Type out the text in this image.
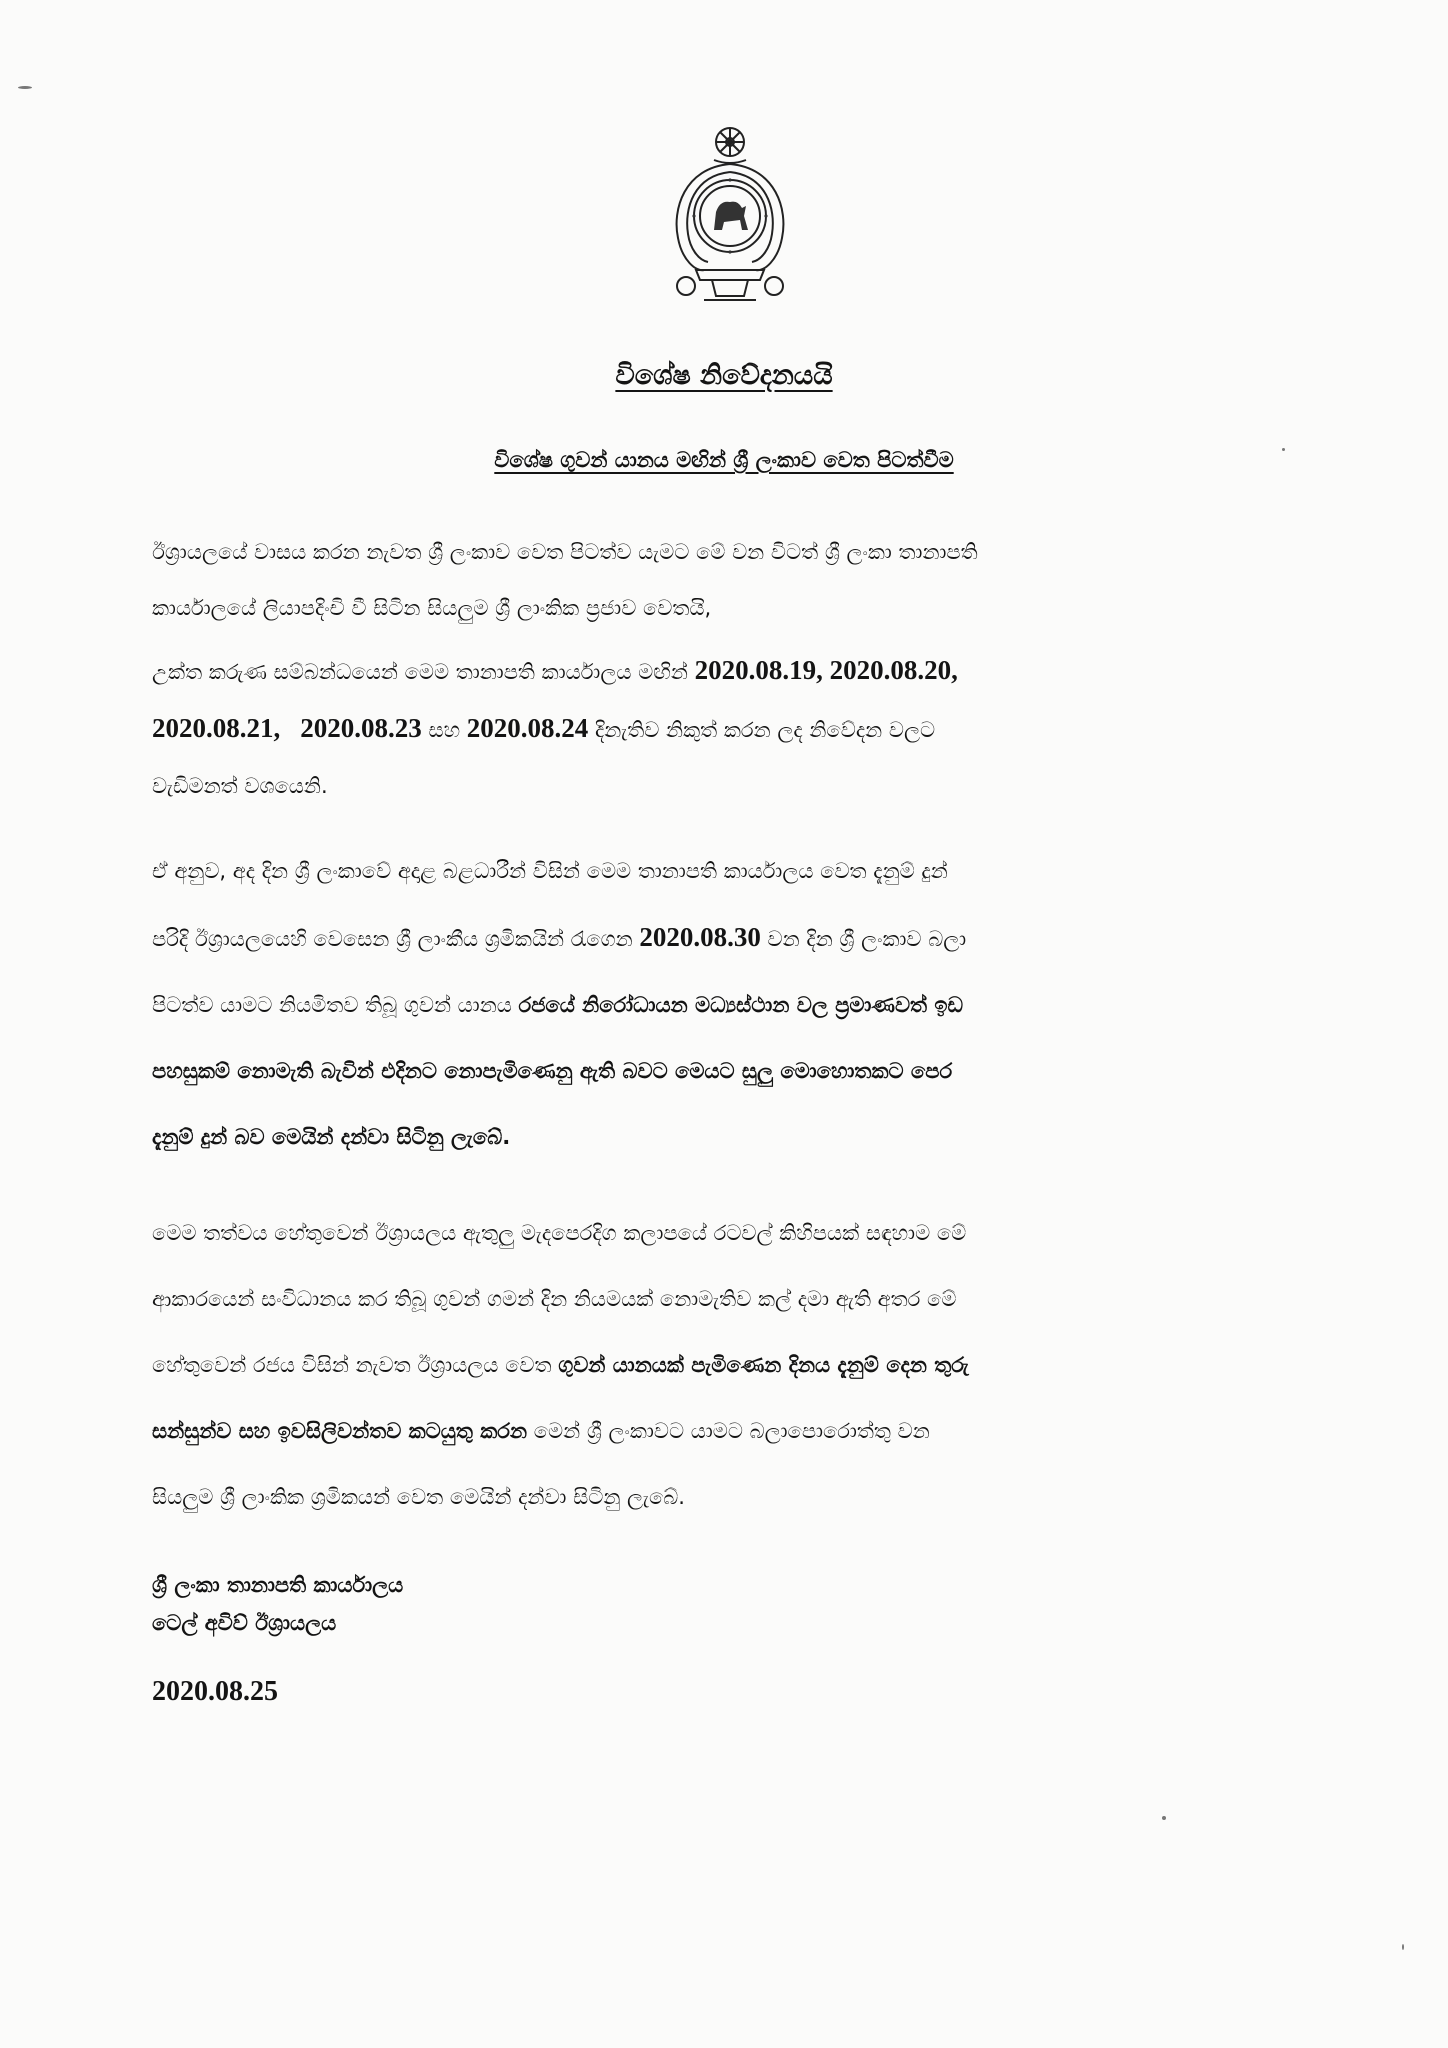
විශේෂ නිවේදනයයි
විශේෂ ගුවන් යානය මඟින් ශ්‍රී ලංකාව වෙත පිටත්වීම
ඊශ්‍රායලයේ වාසය කරන නැවත ශ්‍රී ලංකාව වෙත පිටත්ව යැමට මේ වන විටත් ශ්‍රී ලංකා තානාපති
කාර්යාලයේ ලියාපදිංචි වී සිටින සියලුම ශ්‍රී ලාංකික ප්‍රජාව වෙතයි,
උක්ත කරුණ සම්බන්ධයෙන් මෙම තානාපති කාර්යාලය මඟින් 2020.08.19, 2020.08.20,
2020.08.21, 2020.08.23 සහ 2020.08.24 දිනැතිව නිකුත් කරන ලද නිවේදන වලට
වැඩිමනත් වශයෙනි.
ඒ අනුව, අද දින ශ්‍රී ලංකාවේ අදාළ බළධාරීන් විසින් මෙම තානාපති කාර්යාලය වෙත දැනුම් දුන්
පරිදි ඊශ්‍රායලයෙහි වෙසෙන ශ්‍රී ලාංකීය ශ්‍රමිකයින් රැගෙන 2020.08.30 වන දින ශ්‍රී ලංකාව බලා
පිටත්ව යාමට නියමිතව තිබූ ගුවන් යානය රජයේ නිරෝධායන මධ්‍යස්ථාන වල ප්‍රමාණවත් ඉඩ
පහසුකම් නොමැති බැවින් එදිනට නොපැමිණෙනු ඇති බවට මෙයට සුලු මොහොතකට පෙර
දැනුම් දුන් බව මෙයින් දන්වා සිටිනු ලැබේ.
මෙම තත්වය හේතුවෙන් ඊශ්‍රායලය ඇතුලු මැදපෙරදිග කලාපයේ රටවල් කිහිපයක් සඳහාම මේ
ආකාරයෙන් සංවිධානය කර තිබූ ගුවන් ගමන් දින නියමයක් නොමැතිව කල් දමා ඇති අතර මේ
හේතුවෙන් රජය විසින් නැවත ඊශ්‍රායලය වෙත ගුවන් යානයක් පැමිණෙන දිනය දැනුම් දෙන තුරු
සන්සුන්ව සහ ඉවසිලිවන්තව කටයුතු කරන මෙන් ශ්‍රී ලංකාවට යාමට බලාපොරොත්තු වන
සියලුම ශ්‍රී ලාංකික ශ්‍රමිකයන් වෙත මෙයින් දන්වා සිටිනු ලැබේ.
ශ්‍රී ලංකා තානාපති කාර්යාලය
ටෙල් අවිව් ඊශ්‍රායලය
2020.08.25
